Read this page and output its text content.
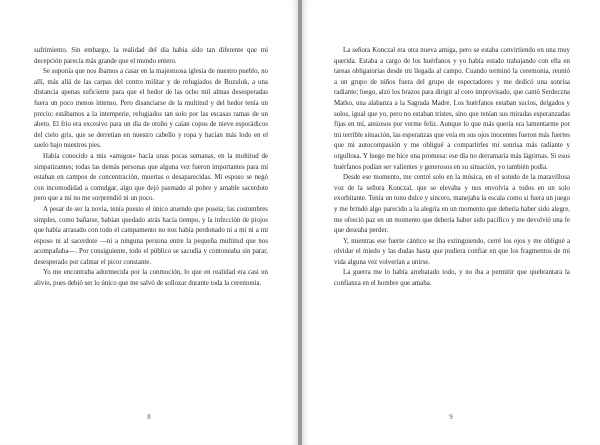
sufrimiento. Sin embargo, la realidad del día había sido tan diferente que mi decepción parecía más grande que el mundo entero.

Se suponía que nos íbamos a casar en la majestuosa iglesia de nuestro pueblo, no allí, más allá de las carpas del centro militar y de refugiados de Buzuluk, a una distancia apenas suficiente para que el hedor de las ocho mil almas desesperadas fuera un poco menos intenso. Pero disanciarse de la multitud y del hedor tenía un precio: estábamos a la intemperie, refugiados tan solo por las escasas ramas de un abeto. El frío era excesivo para un día de otoño y caían copos de nieve esporádicos del cielo gris, que se derretían en nuestro cabello y ropa y hacían más lodo en el suelo bajo nuestros pies.

Había conocido a mis «amigos» hacía unas pocas semanas, en la multitud de simpatizantes; todas las demás personas que alguna vez fueron importantes para mí estaban en campos de concentración, muertas o desaparecidas. Mi esposo se negó con incomodidad a comulgar, algo que dejó pasmado al pobre y amable sacerdote pero que a mí no me sorprendió ni un poco.

A pesar de ser la novia, tenía puesto el único atuendo que poseía; las costumbres simples, como bañarse, habían quedado atrás hacía tiempo, y la infección de piojos que había arrasado con todo el campamento no nos había perdonado ni a mí ni a mi esposo ni al sacerdote —ni a ninguna persona entre la pequeña multitud que nos acompañaba—. Por consiguiente, todo el público se sacudía y contoneaba sin parar, desesperado por calmar el picor constante.

Yo me encontraba adormecida por la conmoción, lo que en realidad era casi un alivio, pues debió ser lo único que me salvó de sollozar durante toda la ceremonia.

8

La señora Konczal era otra nueva amiga, pero se estaba convirtiendo en una muy querida. Estaba a cargo de los huérfanos y yo había estado trabajando con ella en tareas obligatorias desde mi llegada al campo. Cuando terminó la ceremonia, reunió a un grupo de niños fuera del grupo de espectadores y me dedicó una sonrisa radiante; luego, alzó los brazos para dirigir al coro improvisado, que cantó Serdeczna Matko, una alabanza a la Sagrada Madre. Los huérfanos estaban sucios, delgados y solos, igual que yo, pero no estaban tristes, sino que tenían sus miradas esperanzadas fijas en mí, ansiosos por verme feliz. Aunque lo que más quería era lamentarme por mi terrible situación, las esperanzas que veía en sus ojos inocentes fueron más fuertes que mi autocompasión y me obligué a compartirles mi sonrisa más radiante y orgullosa. Y luego me hice una promesa: ese día no derramaría más lágrimas. Si esos huérfanos podían ser valientes y generosos en su situación, yo también podía.

Desde ese momento, me centré solo en la música, en el sonido de la maravillosa voz de la señora Konczal, que se elevaba y nos envolvía a todos en un solo exorbitante. Tenía un tono dulce y sincero, manejaba la escala como si fuera un juego y me brindó algo parecido a la alegría en un momento que debería haber sido alegre, me ofreció paz en un momento que debería haber sido pacífico y me devolvió una fe que deseaba perder.

Y, mientras ese fuerte cántico se iba extinguiendo, cerré los ojos y me obligué a olvidar el miedo y las dudas hasta que pudiera confiar en que los fragmentos de mi vida alguna vez volverían a unirse.

La guerra me lo había arrebatado todo, y no iba a permitir que quebrantara la confianza en el hombre que amaba.

9
